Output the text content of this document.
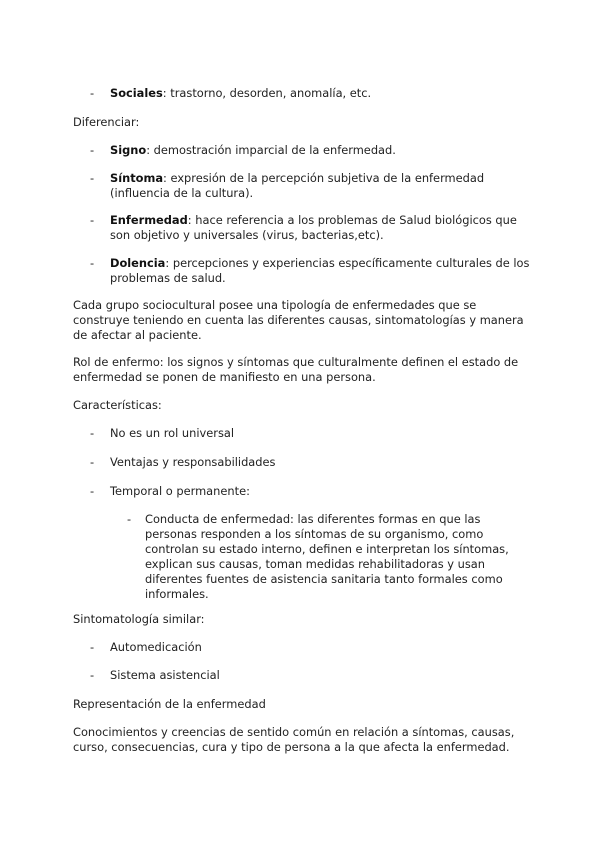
- Sociales: trastorno, desorden, anomalía, etc.

Diferenciar:

- Signo: demostración imparcial de la enfermedad.
- Síntoma: expresión de la percepción subjetiva de la enfermedad (influencia de la cultura).
- Enfermedad: hace referencia a los problemas de Salud biológicos que son objetivo y universales (virus, bacterias,etc).
- Dolencia: percepciones y experiencias específicamente culturales de los problemas de salud.

Cada grupo sociocultural posee una tipología de enfermedades que se construye teniendo en cuenta las diferentes causas, sintomatologías y manera de afectar al paciente.

Rol de enfermo: los signos y síntomas que culturalmente definen el estado de enfermedad se ponen de manifiesto en una persona.

Características:

- No es un rol universal
- Ventajas y responsabilidades
- Temporal o permanente:
- Conducta de enfermedad: las diferentes formas en que las personas responden a los síntomas de su organismo, como controlan su estado interno, definen e interpretan los síntomas, explican sus causas, toman medidas rehabilitadoras y usan diferentes fuentes de asistencia sanitaria tanto formales como informales.

Sintomatología similar:

- Automedicación
- Sistema asistencial

Representación de la enfermedad

Conocimientos y creencias de sentido común en relación a síntomas, causas, curso, consecuencias, cura y tipo de persona a la que afecta la enfermedad.
